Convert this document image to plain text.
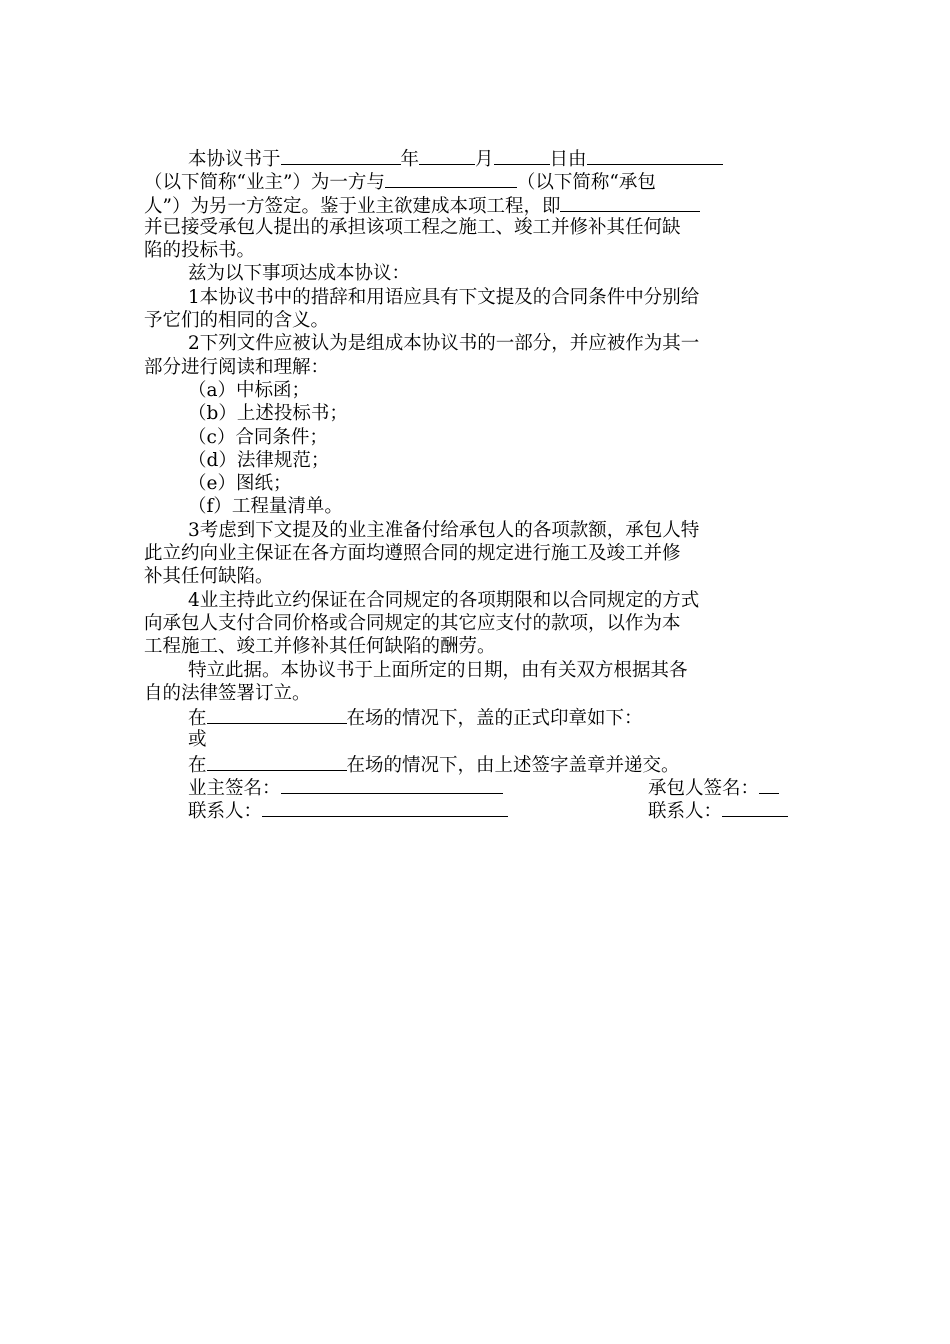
本协议书于	年	月	日由
（以下简称“业主”）为一方与	（以下简称“承包
人”）为另一方签定。鉴于业主欲建成本项工程，即
并已接受承包人提出的承担该项工程之施工、竣工并修补其任何缺
陷的投标书。
兹为以下事项达成本协议：
1本协议书中的措辞和用语应具有下文提及的合同条件中分别给
予它们的相同的含义。
2下列文件应被认为是组成本协议书的一部分，并应被作为其一
部分进行阅读和理解：
（a）中标函；
（b）上述投标书；
（c）合同条件；
（d）法律规范；
（e）图纸；
（f）工程量清单。
3考虑到下文提及的业主准备付给承包人的各项款额，承包人特
此立约向业主保证在各方面均遵照合同的规定进行施工及竣工并修
补其任何缺陷。
4业主持此立约保证在合同规定的各项期限和以合同规定的方式
向承包人支付合同价格或合同规定的其它应支付的款项，以作为本
工程施工、竣工并修补其任何缺陷的酬劳。
特立此据。本协议书于上面所定的日期，由有关双方根据其各
自的法律签署订立。
在	在场的情况下，盖的正式印章如下：
或
在	在场的情况下，由上述签字盖章并递交。
业主签名：	承包人签名：
联系人：	联系人：
